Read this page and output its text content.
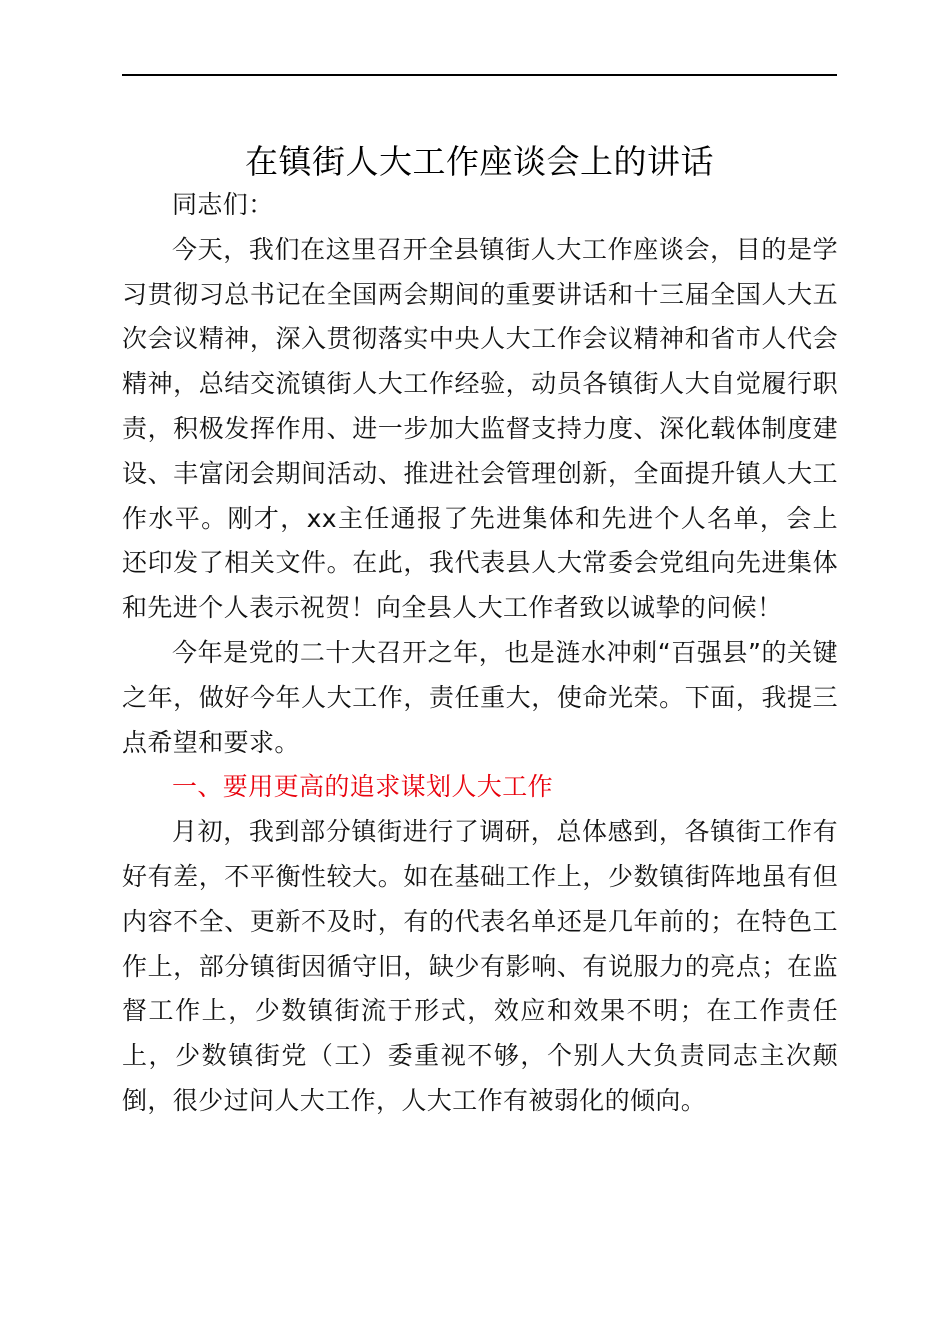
在镇街人大工作座谈会上的讲话

同志们：

今天，我们在这里召开全县镇街人大工作座谈会，目的是学习贯彻习总书记在全国两会期间的重要讲话和十三届全国人大五次会议精神，深入贯彻落实中央人大工作会议精神和省市人代会精神，总结交流镇街人大工作经验，动员各镇街人大自觉履行职责，积极发挥作用、进一步加大监督支持力度、深化载体制度建设、丰富闭会期间活动、推进社会管理创新，全面提升镇人大工作水平。刚才，xx主任通报了先进集体和先进个人名单，会上还印发了相关文件。在此，我代表县人大常委会党组向先进集体和先进个人表示祝贺！向全县人大工作者致以诚挚的问候！

今年是党的二十大召开之年，也是涟水冲刺“百强县”的关键之年，做好今年人大工作，责任重大，使命光荣。下面，我提三点希望和要求。

一、要用更高的追求谋划人大工作

月初，我到部分镇街进行了调研，总体感到，各镇街工作有好有差，不平衡性较大。如在基础工作上，少数镇街阵地虽有但内容不全、更新不及时，有的代表名单还是几年前的；在特色工作上，部分镇街因循守旧，缺少有影响、有说服力的亮点；在监督工作上，少数镇街流于形式，效应和效果不明；在工作责任上，少数镇街党（工）委重视不够，个别人大负责同志主次颠倒，很少过问人大工作，人大工作有被弱化的倾向。
